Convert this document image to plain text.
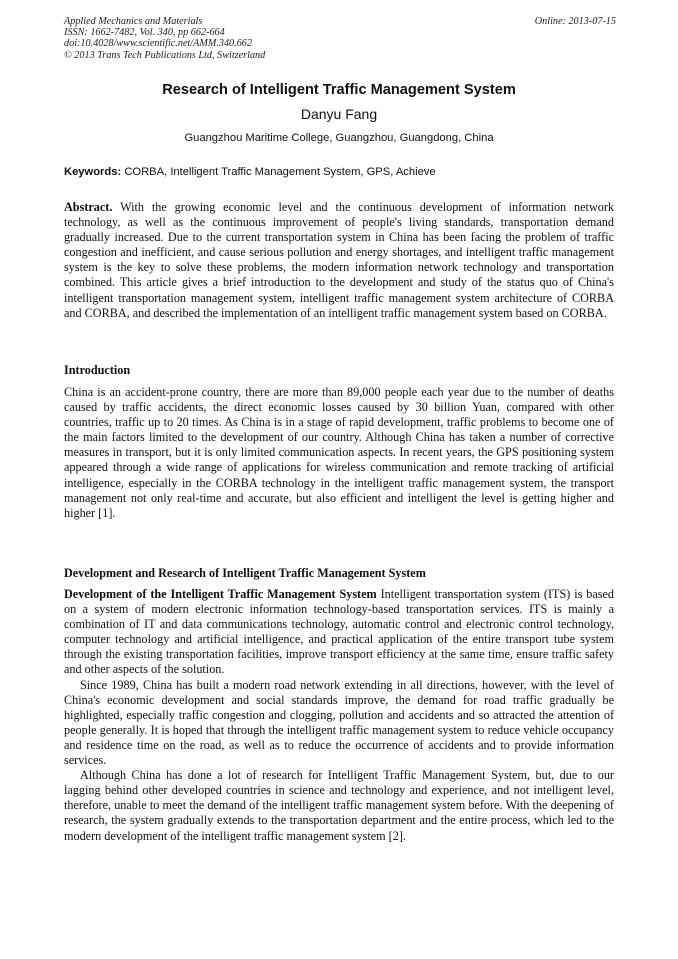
Applied Mechanics and Materials
ISSN: 1662-7482, Vol. 340, pp 662-664
doi:10.4028/www.scientific.net/AMM.340.662
© 2013 Trans Tech Publications Ltd, Switzerland
Online: 2013-07-15
Research of Intelligent Traffic Management System
Danyu Fang
Guangzhou Maritime College, Guangzhou, Guangdong, China
Keywords: CORBA, Intelligent Traffic Management System, GPS, Achieve

Abstract. With the growing economic level and the continuous development of information network technology, as well as the continuous improvement of people's living standards, transportation demand gradually increased. Due to the current transportation system in China has been facing the problem of traffic congestion and inefficient, and cause serious pollution and energy shortages, and intelligent traffic management system is the key to solve these problems, the modern information network technology and transportation combined. This article gives a brief introduction to the development and study of the status quo of China's intelligent transportation management system, intelligent traffic management system architecture of CORBA and CORBA, and described the implementation of an intelligent traffic management system based on CORBA.

Introduction

China is an accident-prone country, there are more than 89,000 people each year due to the number of deaths caused by traffic accidents, the direct economic losses caused by 30 billion Yuan, compared with other countries, traffic up to 20 times. As China is in a stage of rapid development, traffic problems to become one of the main factors limited to the development of our country. Although China has taken a number of corrective measures in transport, but it is only limited communication aspects. In recent years, the GPS positioning system appeared through a wide range of applications for wireless communication and remote tracking of artificial intelligence, especially in the CORBA technology in the intelligent traffic management system, the transport management not only real-time and accurate, but also efficient and intelligent the level is getting higher and higher [1].

Development and Research of Intelligent Traffic Management System

Development of the Intelligent Traffic Management System Intelligent transportation system (ITS) is based on a system of modern electronic information technology-based transportation services. ITS is mainly a combination of IT and data communications technology, automatic control and electronic control technology, computer technology and artificial intelligence, and practical application of the entire transport tube system through the existing transportation facilities, improve transport efficiency at the same time, ensure traffic safety and other aspects of the solution.

Since 1989, China has built a modern road network extending in all directions, however, with the level of China's economic development and social standards improve, the demand for road traffic gradually be highlighted, especially traffic congestion and clogging, pollution and accidents and so attracted the attention of people generally. It is hoped that through the intelligent traffic management system to reduce vehicle occupancy and residence time on the road, as well as to reduce the occurrence of accidents and to provide information services.

Although China has done a lot of research for Intelligent Traffic Management System, but, due to our lagging behind other developed countries in science and technology and experience, and not intelligent level, therefore, unable to meet the demand of the intelligent traffic management system before. With the deepening of research, the system gradually extends to the transportation department and the entire process, which led to the modern development of the intelligent traffic management system [2].
